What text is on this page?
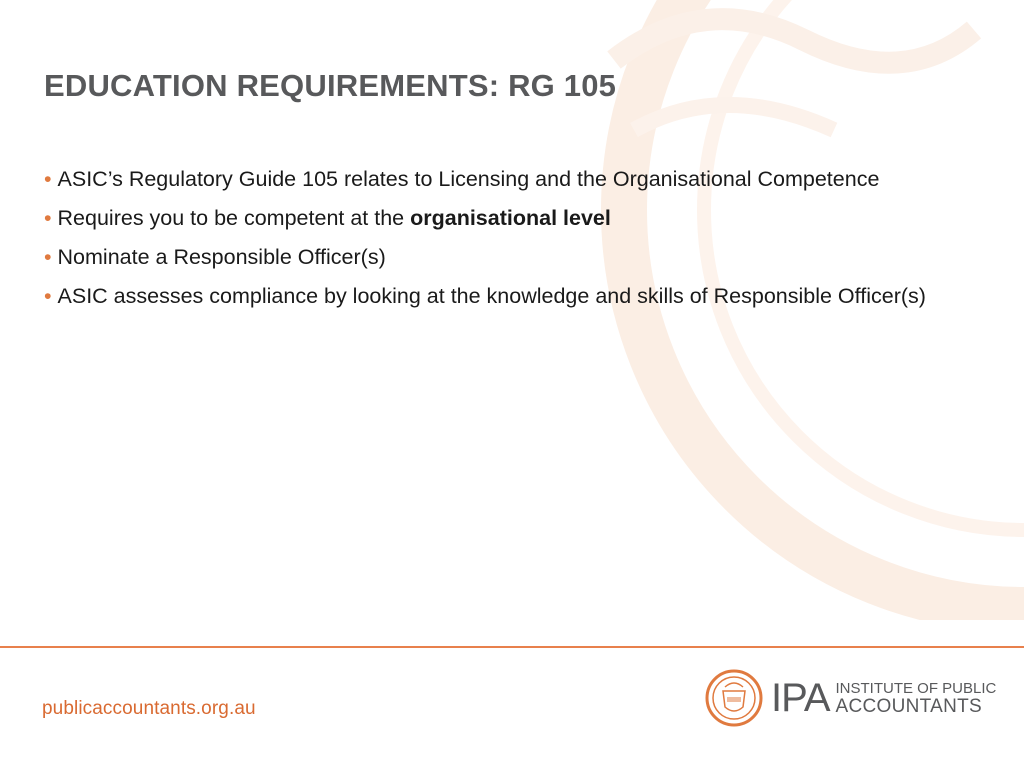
EDUCATION REQUIREMENTS: RG 105
• ASIC’s Regulatory Guide 105 relates to Licensing and the Organisational Competence
• Requires you to be competent at the organisational level
• Nominate a Responsible Officer(s)
• ASIC assesses compliance by looking at the knowledge and skills of Responsible Officer(s)
publicaccountants.org.au	IPA INSTITUTE OF PUBLIC
ACCOUNTANTS
